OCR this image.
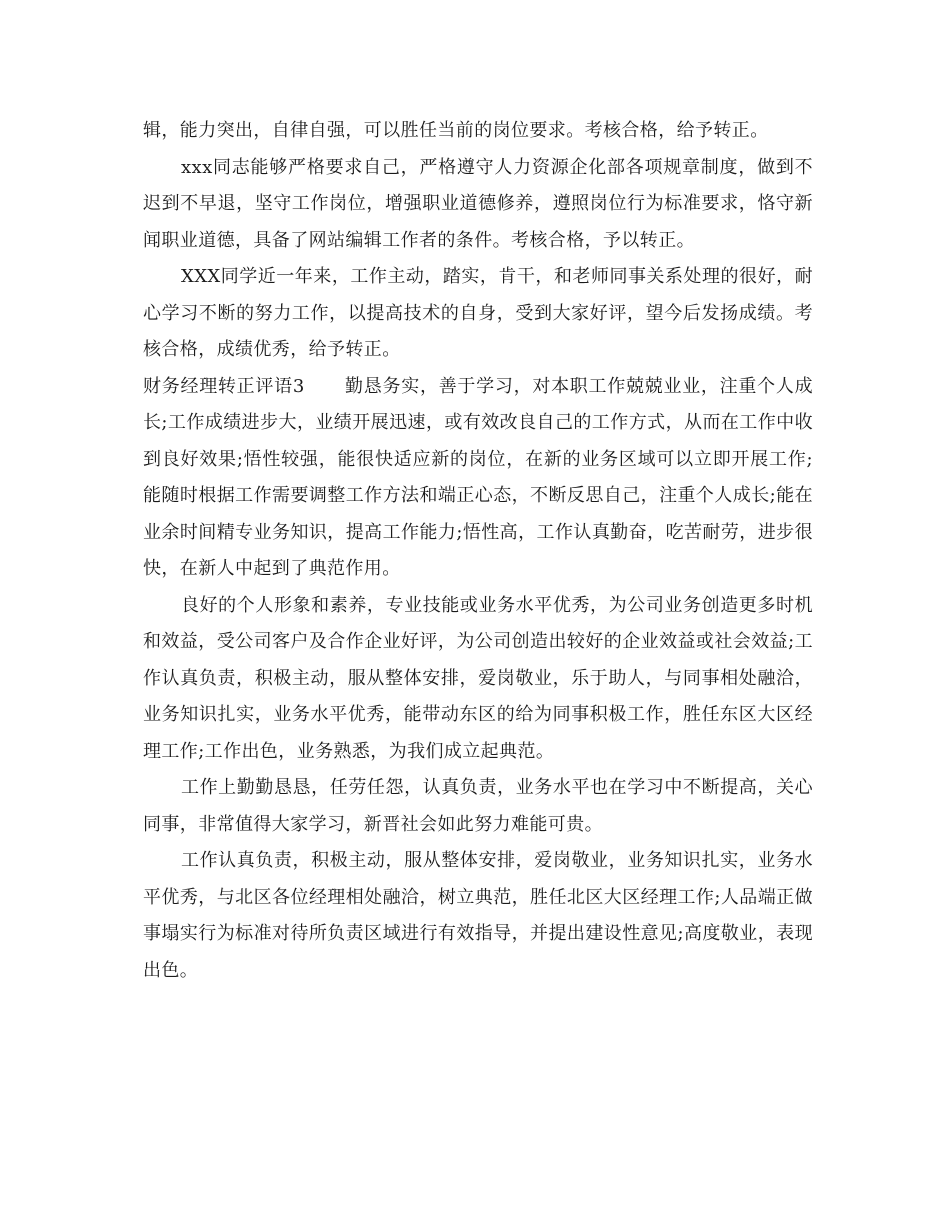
辑，能力突出，自律自强，可以胜任当前的岗位要求。考核合格，给予转正。

xxx同志能够严格要求自己，严格遵守人力资源企化部各项规章制度，做到不迟到不早退，坚守工作岗位，增强职业道德修养，遵照岗位行为标准要求，恪守新闻职业道德，具备了网站编辑工作者的条件。考核合格，予以转正。

XXX同学近一年来，工作主动，踏实，肯干，和老师同事关系处理的很好，耐心学习不断的努力工作，以提高技术的自身，受到大家好评，望今后发扬成绩。考核合格，成绩优秀，给予转正。

财务经理转正评语3 勤恳务实，善于学习，对本职工作兢兢业业，注重个人成长;工作成绩进步大，业绩开展迅速，或有效改良自己的工作方式，从而在工作中收到良好效果;悟性较强，能很快适应新的岗位，在新的业务区域可以立即开展工作;能随时根据工作需要调整工作方法和端正心态，不断反思自己，注重个人成长;能在业余时间精专业务知识，提高工作能力;悟性高，工作认真勤奋，吃苦耐劳，进步很快，在新人中起到了典范作用。

良好的个人形象和素养，专业技能或业务水平优秀，为公司业务创造更多时机和效益，受公司客户及合作企业好评，为公司创造出较好的企业效益或社会效益;工作认真负责，积极主动，服从整体安排，爱岗敬业，乐于助人，与同事相处融洽，业务知识扎实，业务水平优秀，能带动东区的给为同事积极工作，胜任东区大区经理工作;工作出色，业务熟悉，为我们成立起典范。

工作上勤勤恳恳，任劳任怨，认真负责，业务水平也在学习中不断提高，关心同事，非常值得大家学习，新晋社会如此努力难能可贵。

工作认真负责，积极主动，服从整体安排，爱岗敬业，业务知识扎实，业务水平优秀，与北区各位经理相处融洽，树立典范，胜任北区大区经理工作;人品端正做事塌实行为标准对待所负责区域进行有效指导，并提出建设性意见;高度敬业，表现出色。
